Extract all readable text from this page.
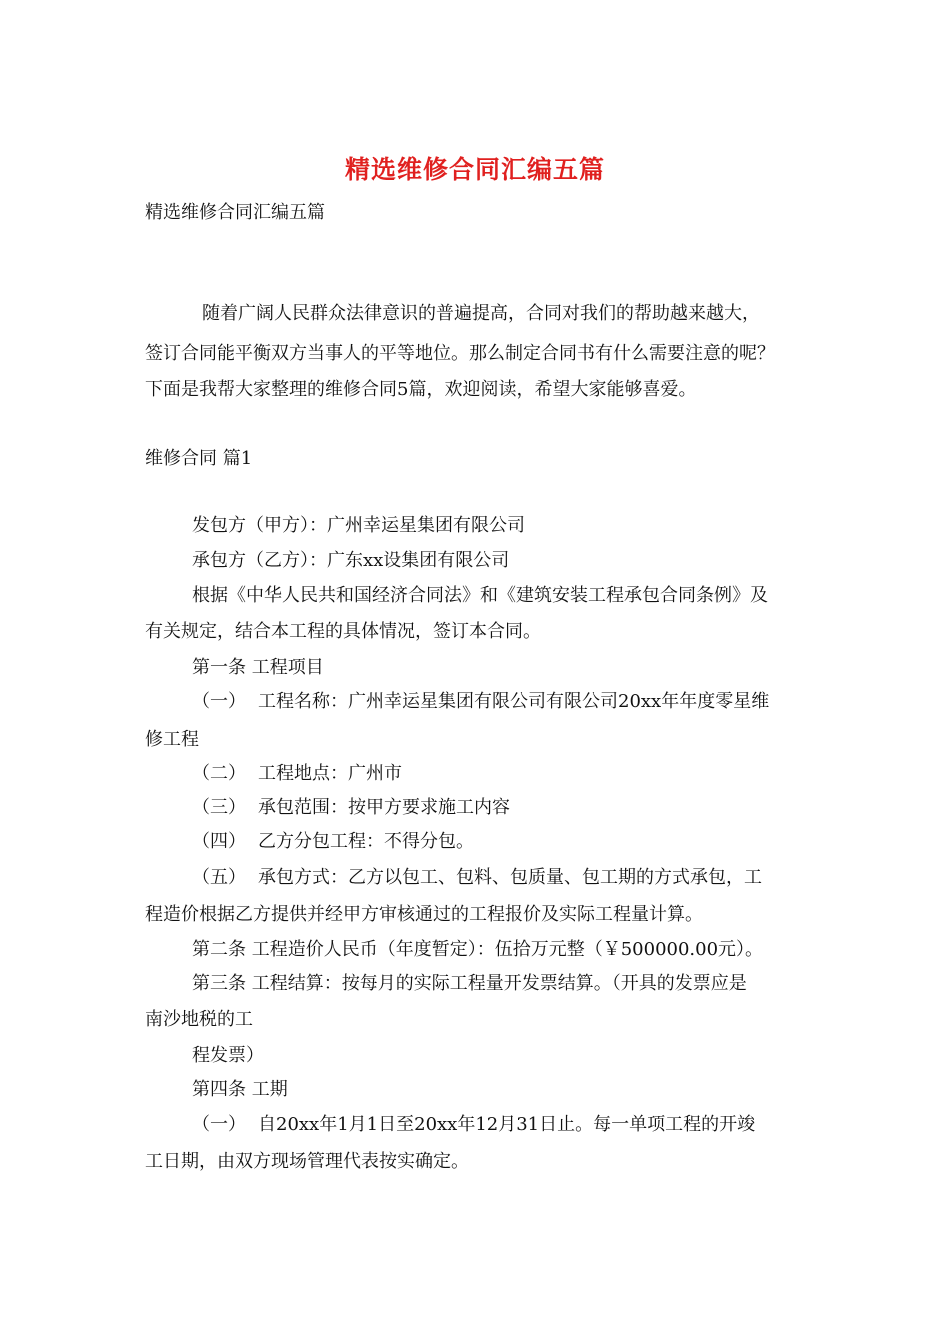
精选维修合同汇编五篇
精选维修合同汇编五篇
随着广阔人民群众法律意识的普遍提高，合同对我们的帮助越来越大，
签订合同能平衡双方当事人的平等地位。那么制定合同书有什么需要注意的呢？
下面是我帮大家整理的维修合同5篇，欢迎阅读，希望大家能够喜爱。
维修合同 篇1
发包方（甲方）：广州幸运星集团有限公司
承包方（乙方）：广东xx设集团有限公司
根据《中华人民共和国经济合同法》和《建筑安装工程承包合同条例》及
有关规定，结合本工程的具体情况，签订本合同。
第一条 工程项目
（一） 工程名称：广州幸运星集团有限公司有限公司20xx年年度零星维
修工程
（二） 工程地点：广州市
（三） 承包范围：按甲方要求施工内容
（四） 乙方分包工程：不得分包。
（五） 承包方式：乙方以包工、包料、包质量、包工期的方式承包，工
程造价根据乙方提供并经甲方审核通过的工程报价及实际工程量计算。
第二条 工程造价人民币（年度暂定）：伍拾万元整（￥500000.00元）。
第三条 工程结算：按每月的实际工程量开发票结算。（开具的发票应是
南沙地税的工
程发票）
第四条 工期
（一） 自20xx年1月1日至20xx年12月31日止。每一单项工程的开竣
工日期，由双方现场管理代表按实确定。
